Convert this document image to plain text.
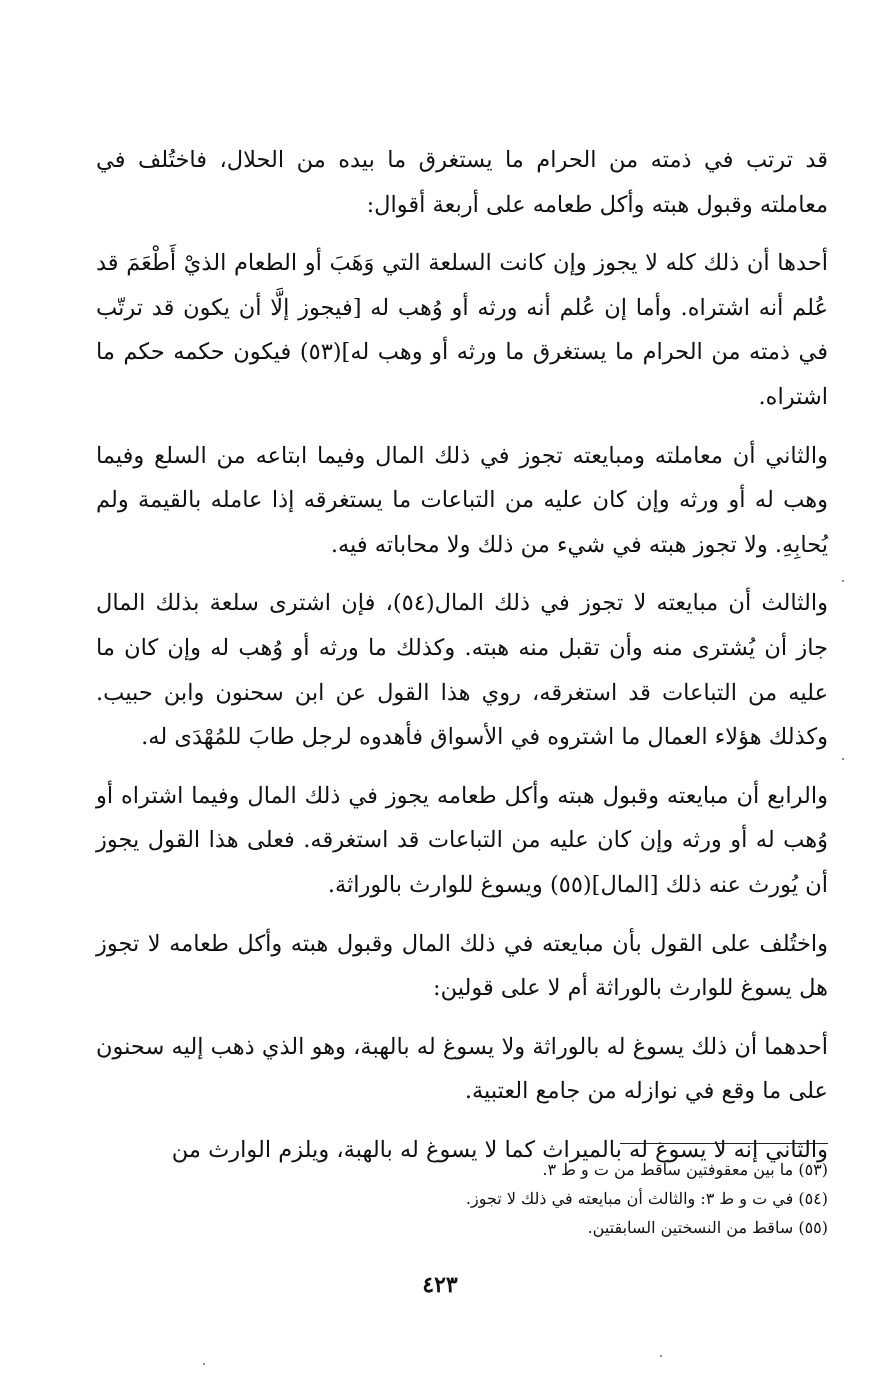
قد ترتب في ذمته من الحرام ما يستغرق ما بيده من الحلال، فاختُلف في معاملته وقبول هبته وأكل طعامه على أربعة أقوال:

أحدها أن ذلك كله لا يجوز وإن كانت السلعة التي وَهَبَ أو الطعام الذيْ أَطْعَمَ قد عُلم أنه اشتراه. وأما إن عُلم أنه ورثه أو وُهب له [فيجوز إلَّا أن يكون قد ترتّب في ذمته من الحرام ما يستغرق ما ورثه أو وهب له](٥٣) فيكون حكمه حكم ما اشتراه.

والثاني أن معاملته ومبايعته تجوز في ذلك المال وفيما ابتاعه من السلع وفيما وهب له أو ورثه وإن كان عليه من التباعات ما يستغرقه إذا عامله بالقيمة ولم يُحابِهِ. ولا تجوز هبته في شيء من ذلك ولا محاباته فيه.

والثالث أن مبايعته لا تجوز في ذلك المال(٥٤)، فإن اشترى سلعة بذلك المال جاز أن يُشترى منه وأن تقبل منه هبته. وكذلك ما ورثه أو وُهب له وإن كان ما عليه من التباعات قد استغرقه، روي هذا القول عن ابن سحنون وابن حبيب. وكذلك هؤلاء العمال ما اشتروه في الأسواق فأهدوه لرجل طابَ للمُهْدَى له.

والرابع أن مبايعته وقبول هبته وأكل طعامه يجوز في ذلك المال وفيما اشتراه أو وُهب له أو ورثه وإن كان عليه من التباعات قد استغرقه. فعلى هذا القول يجوز أن يُورث عنه ذلك [المال](٥٥) ويسوغ للوارث بالوراثة.

واختُلف على القول بأن مبايعته في ذلك المال وقبول هبته وأكل طعامه لا تجوز هل يسوغ للوارث بالوراثة أم لا على قولين:

أحدهما أن ذلك يسوغ له بالوراثة ولا يسوغ له بالهبة، وهو الذي ذهب إليه سحنون على ما وقع في نوازله من جامع العتبية.

والثاني إنه لا يسوغ له بالميراث كما لا يسوغ له بالهبة، ويلزم الوارث من

(٥٣) ما بين معقوفتين ساقط من ت و ط ٣.

(٥٤) في ت و ط ٣: والثالث أن مبايعته في ذلك لا تجوز.

(٥٥) ساقط من النسختين السابقتين.

٤٢٣
